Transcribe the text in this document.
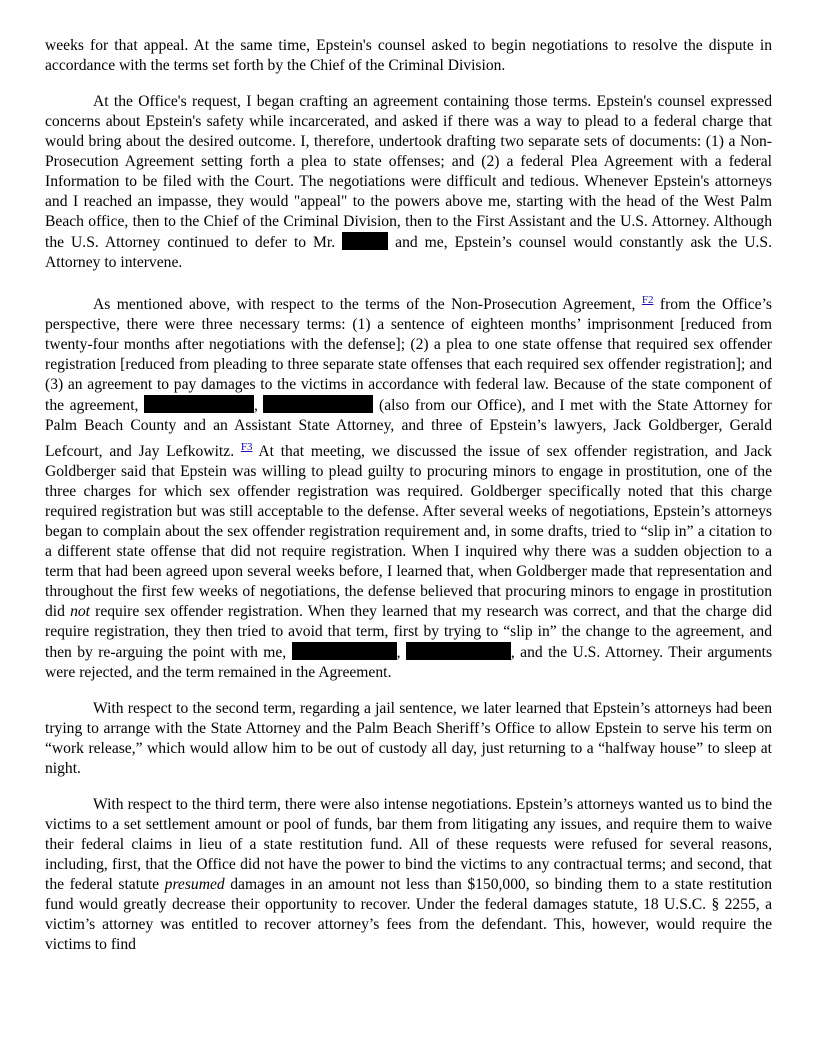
weeks for that appeal. At the same time, Epstein's counsel asked to begin negotiations to resolve the dispute in accordance with the terms set forth by the Chief of the Criminal Division.

At the Office's request, I began crafting an agreement containing those terms. Epstein's counsel expressed concerns about Epstein's safety while incarcerated, and asked if there was a way to plead to a federal charge that would bring about the desired outcome. I, therefore, undertook drafting two separate sets of documents: (1) a Non-Prosecution Agreement setting forth a plea to state offenses; and (2) a federal Plea Agreement with a federal Information to be filed with the Court. The negotiations were difficult and tedious. Whenever Epstein's attorneys and I reached an impasse, they would "appeal" to the powers above me, starting with the head of the West Palm Beach office, then to the Chief of the Criminal Division, then to the First Assistant and the U.S. Attorney. Although the U.S. Attorney continued to defer to Mr.	and me, Epstein’s counsel would constantly ask the U.S. Attorney to intervene.

As mentioned above, with respect to the terms of the Non-Prosecution Agreement, $^{F2}$ from the Office’s perspective, there were three necessary terms: (1) a sentence of eighteen months’ imprisonment [reduced from twenty-four months after negotiations with the defense]; (2) a plea to one state offense that required sex offender registration [reduced from pleading to three separate state offenses that each required sex offender registration]; and (3) an agreement to pay damages to the victims in accordance with federal law. Because of the state component of the agreement,	,	(also from our Office), and I met with the State Attorney for Palm Beach County and an Assistant State Attorney, and three of Epstein’s lawyers, Jack Goldberger, Gerald Lefcourt, and Jay Lefkowitz. $^{F3}$ At that meeting, we discussed the issue of sex offender registration, and Jack Goldberger said that Epstein was willing to plead guilty to procuring minors to engage in prostitution, one of the three charges for which sex offender registration was required. Goldberger specifically noted that this charge required registration but was still acceptable to the defense. After several weeks of negotiations, Epstein’s attorneys began to complain about the sex offender registration requirement and, in some drafts, tried to “slip in” a citation to a different state offense that did not require registration. When I inquired why there was a sudden objection to a term that had been agreed upon several weeks before, I learned that, when Goldberger made that representation and throughout the first few weeks of negotiations, the defense believed that procuring minors to engage in prostitution did not require sex offender registration. When they learned that my research was correct, and that the charge did require registration, they then tried to avoid that term, first by trying to “slip in” the change to the agreement, and then by re-arguing the point with me,	,	, and the U.S. Attorney. Their arguments were rejected, and the term remained in the Agreement.

With respect to the second term, regarding a jail sentence, we later learned that Epstein’s attorneys had been trying to arrange with the State Attorney and the Palm Beach Sheriff’s Office to allow Epstein to serve his term on “work release,” which would allow him to be out of custody all day, just returning to a “halfway house” to sleep at night.

With respect to the third term, there were also intense negotiations. Epstein’s attorneys wanted us to bind the victims to a set settlement amount or pool of funds, bar them from litigating any issues, and require them to waive their federal claims in lieu of a state restitution fund. All of these requests were refused for several reasons, including, first, that the Office did not have the power to bind the victims to any contractual terms; and second, that the federal statute presumed damages in an amount not less than $150,000, so binding them to a state restitution fund would greatly decrease their opportunity to recover. Under the federal damages statute, 18 U.S.C. § 2255, a victim’s attorney was entitled to recover attorney’s fees from the defendant. This, however, would require the victims to find
